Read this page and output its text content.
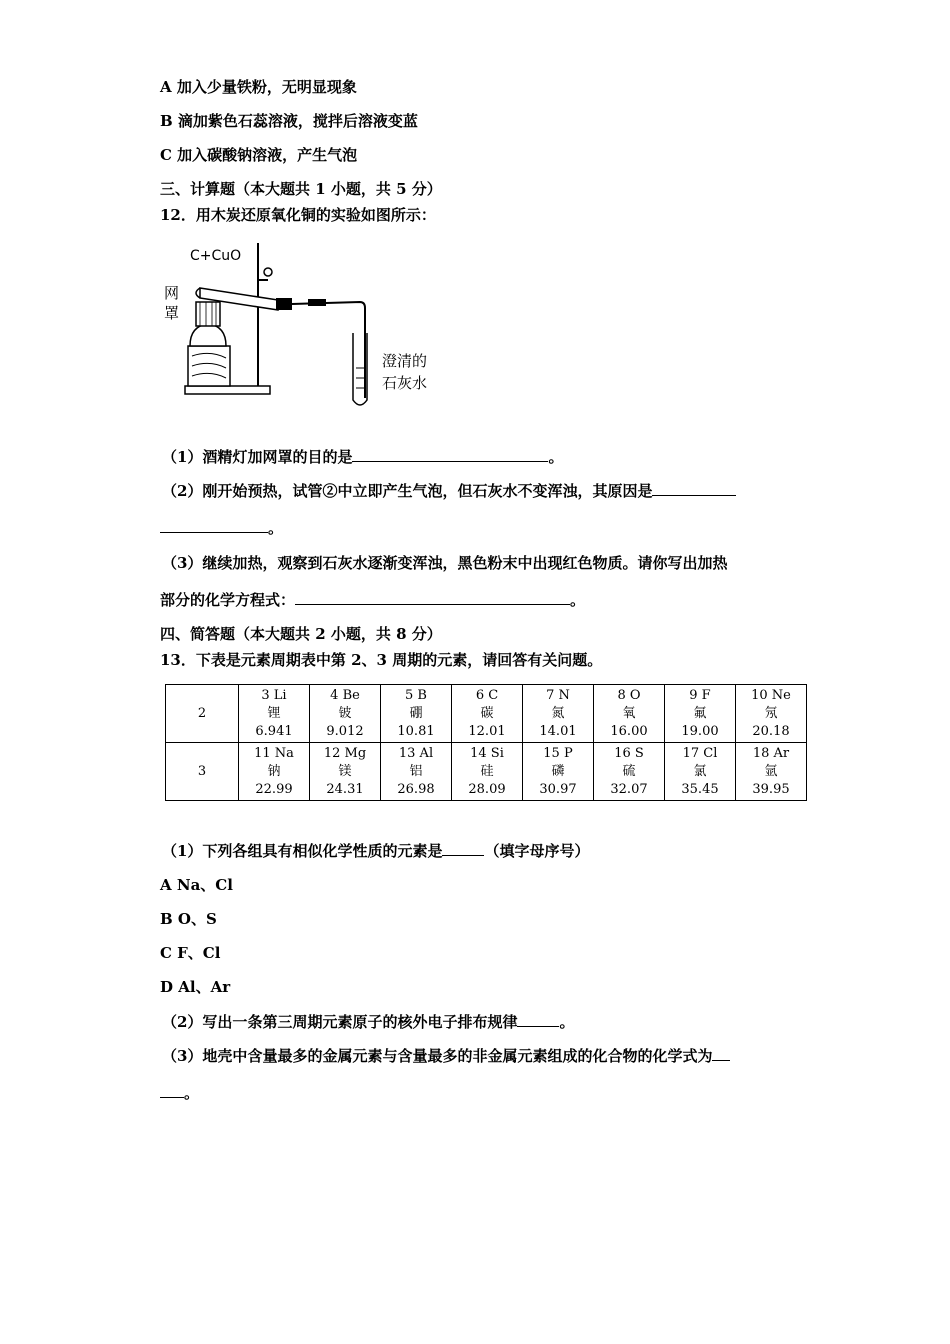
A 加入少量铁粉，无明显现象
B 滴加紫色石蕊溶液，搅拌后溶液变蓝
C 加入碳酸钠溶液，产生气泡
三、计算题（本大题共 1 小题，共 5 分）
12．用木炭还原氧化铜的实验如图所示：
C+CuO
网
罩
澄清的
石灰水
（1）酒精灯加网罩的目的是	。
（2）刚开始预热，试管②中立即产生气泡，但石灰水不变浑浊，其原因是
。
（3）继续加热，观察到石灰水逐渐变浑浊，黑色粉末中出现红色物质。请你写出加热
部分的化学方程式：	。
四、简答题（本大题共 2 小题，共 8 分）
13．下表是元素周期表中第 2、3 周期的元素，请回答有关问题。
2	3 Li
锂
6.941	4 Be
铍
9.012	5 B
硼
10.81	6 C
碳
12.01	7 N
氮
14.01	8 O
氧
16.00	9 F
氟
19.00	10 Ne
氖
20.18

3	11 Na
钠
22.99	12 Mg
镁
24.31	13 Al
铝
26.98	14 Si
硅
28.09	15 P
磷
30.97	16 S
硫
32.07	17 Cl
氯
35.45	18 Ar
氩
39.95
（1）下列各组具有相似化学性质的元素是	（填字母序号）
A Na、Cl
B O、S
C F、Cl
D Al、Ar
（2）写出一条第三周期元素原子的核外电子排布规律	。
（3）地壳中含量最多的金属元素与含量最多的非金属元素组成的化合物的化学式为
。
